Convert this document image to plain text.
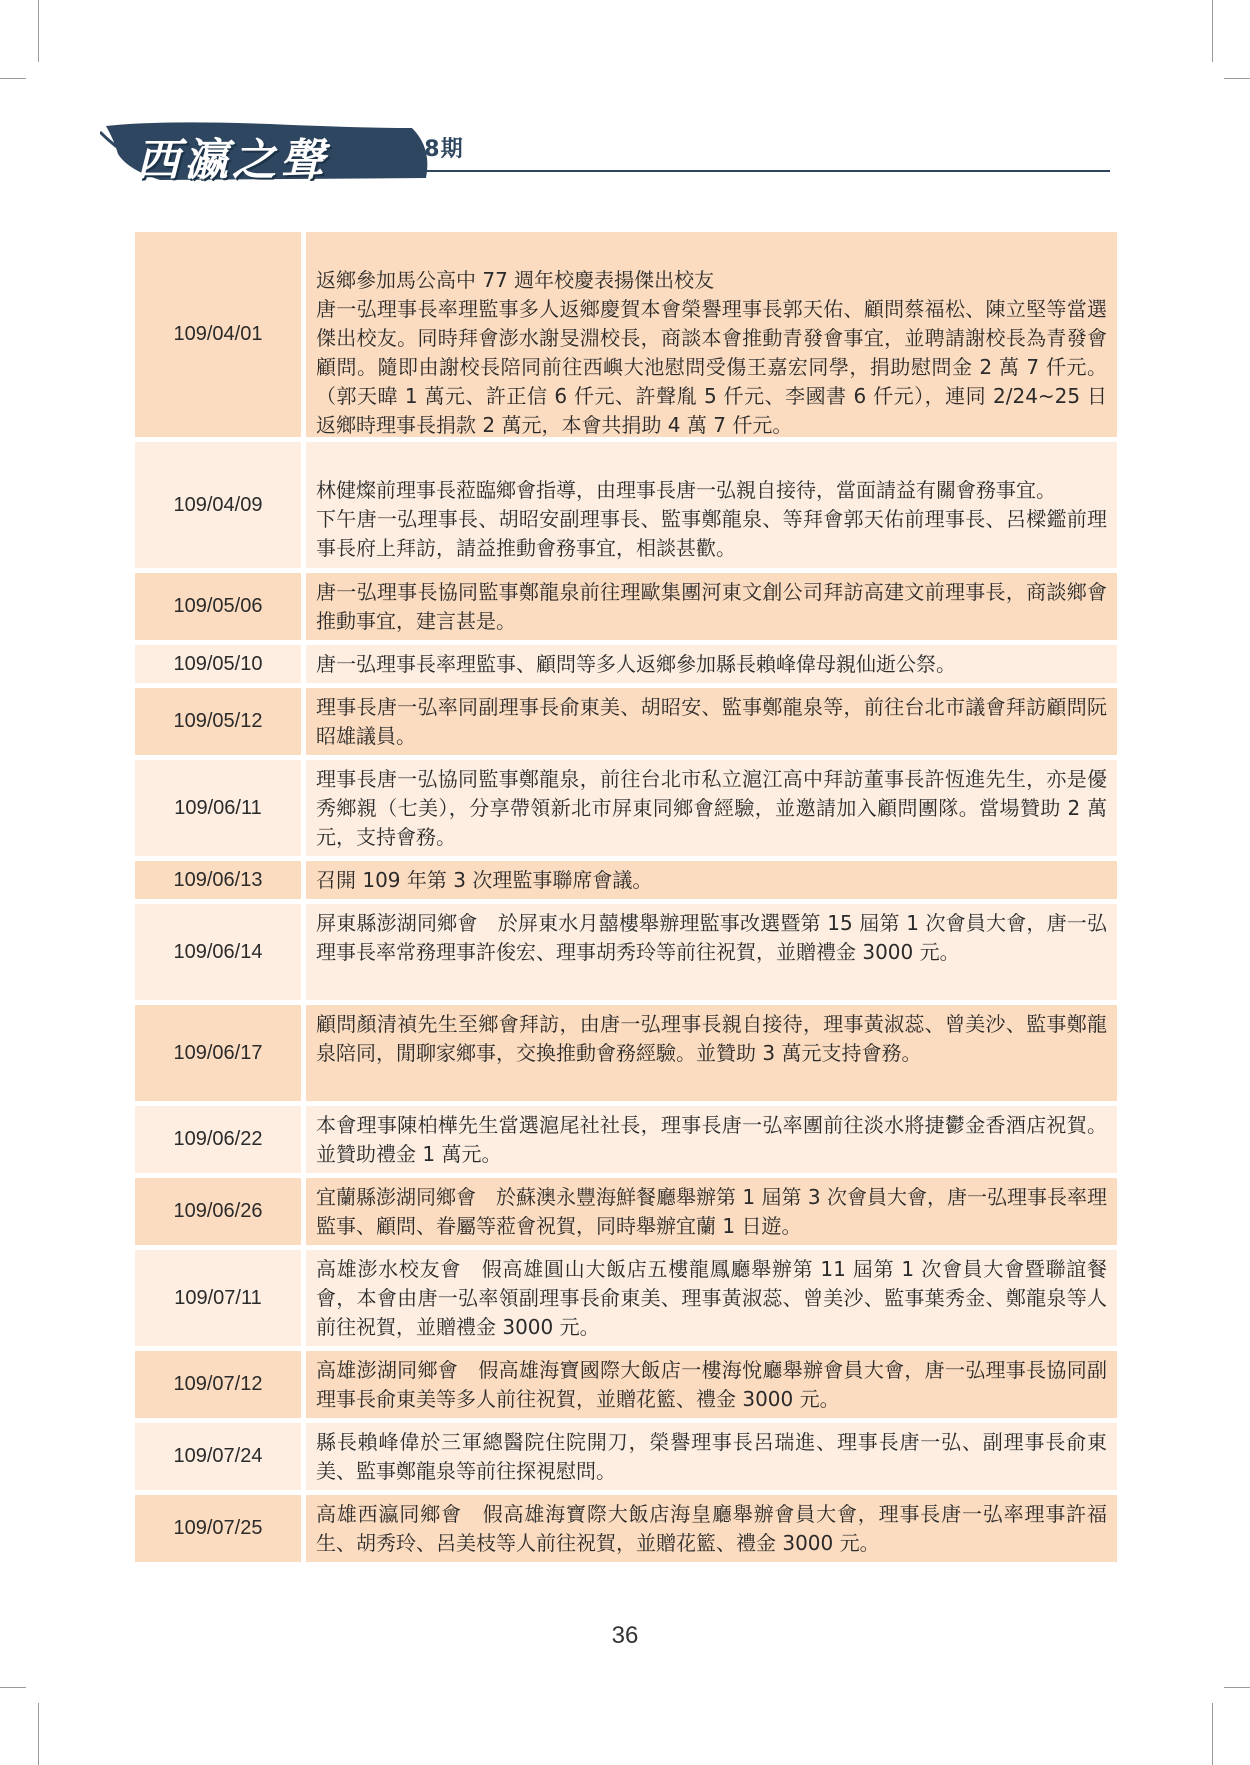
西瀛之聲 年刊48期
109/04/01

返鄉參加馬公高中 77 週年校慶表揚傑出校友
唐一弘理事長率理監事多人返鄉慶賀本會榮譽理事長郭天佑、顧問蔡福松、陳立堅等當選傑出校友。同時拜會澎水謝旻淵校長，商談本會推動青發會事宜，並聘請謝校長為青發會顧問。隨即由謝校長陪同前往西嶼大池慰問受傷王嘉宏同學，捐助慰問金 2 萬 7 仟元。（郭天暐 1 萬元、許正信 6 仟元、許聲胤 5 仟元、李國書 6 仟元），連同 2/24~25 日返鄉時理事長捐款 2 萬元，本會共捐助 4 萬 7 仟元。

109/04/09

林健燦前理事長蒞臨鄉會指導，由理事長唐一弘親自接待，當面請益有關會務事宜。
下午唐一弘理事長、胡昭安副理事長、監事鄭龍泉、等拜會郭天佑前理事長、呂樑鑑前理事長府上拜訪，請益推動會務事宜，相談甚歡。

109/05/06
唐一弘理事長協同監事鄭龍泉前往理歐集團河東文創公司拜訪高建文前理事長，商談鄉會推動事宜，建言甚是。
109/05/10	唐一弘理事長率理監事、顧問等多人返鄉參加縣長賴峰偉母親仙逝公祭。
109/05/12
理事長唐一弘率同副理事長俞東美、胡昭安、監事鄭龍泉等，前往台北市議會拜訪顧問阮昭雄議員。
109/06/11
理事長唐一弘協同監事鄭龍泉，前往台北市私立滬江高中拜訪董事長許恆進先生，亦是優秀鄉親（七美），分享帶領新北市屏東同鄉會經驗，並邀請加入顧問團隊。當場贊助 2 萬元，支持會務。
109/06/13	召開 109 年第 3 次理監事聯席會議。
109/06/14
屏東縣澎湖同鄉會　於屏東水月囍樓舉辦理監事改選暨第 15 屆第 1 次會員大會，唐一弘理事長率常務理事許俊宏、理事胡秀玲等前往祝賀，並贈禮金 3000 元。
109/06/17
顧問顏清禎先生至鄉會拜訪，由唐一弘理事長親自接待，理事黃淑蕊、曾美沙、監事鄭龍泉陪同，閒聊家鄉事，交換推動會務經驗。並贊助 3 萬元支持會務。
109/06/22
本會理事陳柏樺先生當選滬尾社社長，理事長唐一弘率團前往淡水將捷鬱金香酒店祝賀。並贊助禮金 1 萬元。
109/06/26
宜蘭縣澎湖同鄉會　於蘇澳永豐海鮮餐廳舉辦第 1 屆第 3 次會員大會，唐一弘理事長率理監事、顧問、眷屬等蒞會祝賀，同時舉辦宜蘭 1 日遊。
109/07/11
高雄澎水校友會　假高雄圓山大飯店五樓龍鳳廳舉辦第 11 屆第 1 次會員大會暨聯誼餐會，本會由唐一弘率領副理事長俞東美、理事黃淑蕊、曾美沙、監事葉秀金、鄭龍泉等人前往祝賀，並贈禮金 3000 元。
109/07/12
高雄澎湖同鄉會　假高雄海寶國際大飯店一樓海悅廳舉辦會員大會，唐一弘理事長協同副理事長俞東美等多人前往祝賀，並贈花籃、禮金 3000 元。
109/07/24
縣長賴峰偉於三軍總醫院住院開刀，榮譽理事長呂瑞進、理事長唐一弘、副理事長俞東美、監事鄭龍泉等前往探視慰問。
109/07/25
高雄西瀛同鄉會　假高雄海寶際大飯店海皇廳舉辦會員大會，理事長唐一弘率理事許福生、胡秀玲、呂美枝等人前往祝賀，並贈花籃、禮金 3000 元。
36
